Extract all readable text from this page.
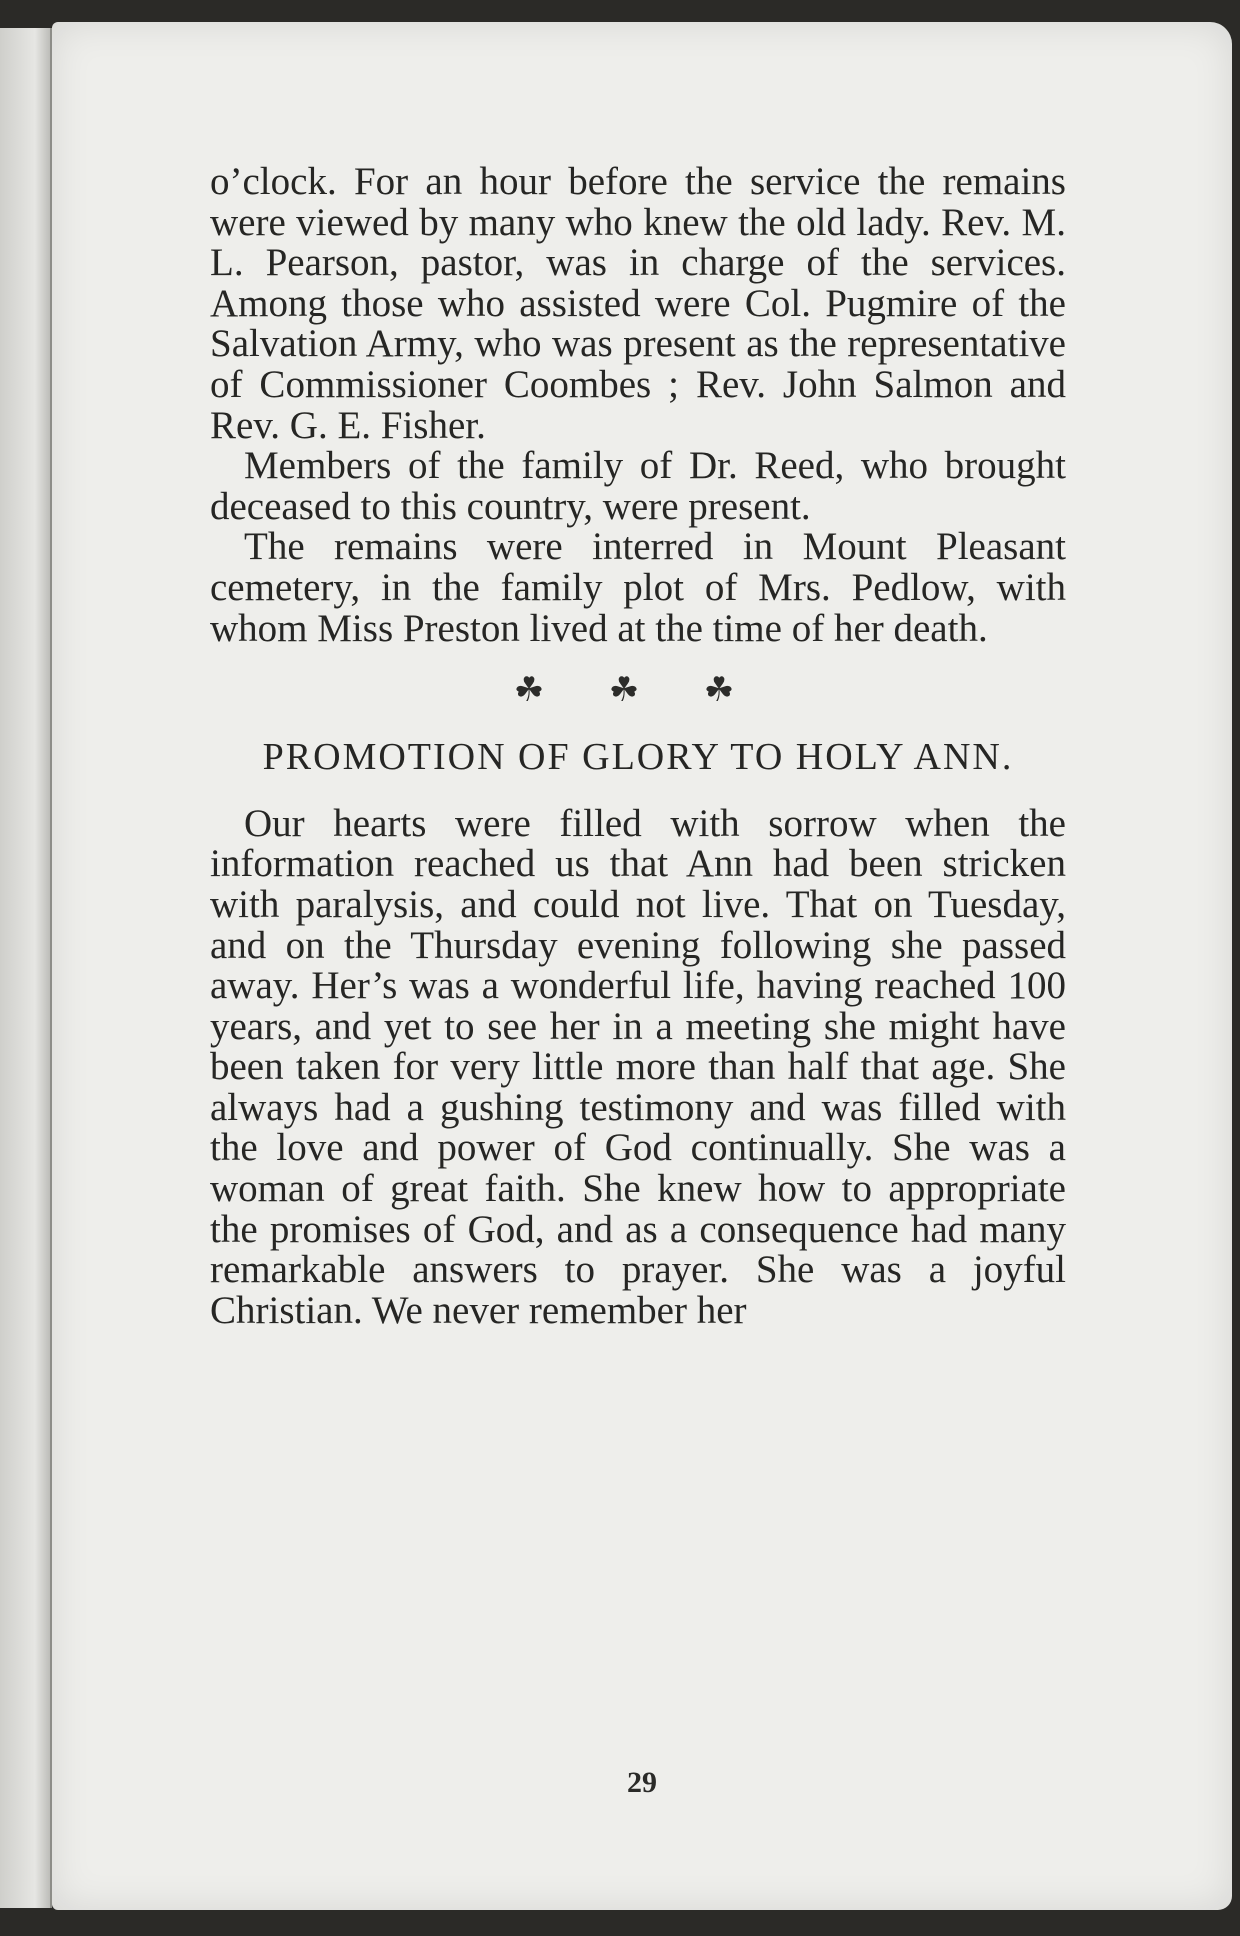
o’clock. For an hour before the service the remains were viewed by many who knew the old lady. Rev. M. L. Pearson, pastor, was in charge of the services. Among those who assisted were Col. Pugmire of the Salvation Army, who was present as the representative of Commissioner Coombes ; Rev. John Salmon and Rev. G. E. Fisher.

Members of the family of Dr. Reed, who brought deceased to this country, were present.

The remains were interred in Mount Pleasant cemetery, in the family plot of Mrs. Pedlow, with whom Miss Preston lived at the time of her death.

☘ ☘ ☘
PROMOTION OF GLORY TO HOLY ANN.

Our hearts were filled with sorrow when the information reached us that Ann had been stricken with paralysis, and could not live. That on Tuesday, and on the Thursday evening following she passed away. Her’s was a wonderful life, having reached 100 years, and yet to see her in a meeting she might have been taken for very little more than half that age. She always had a gushing testimony and was filled with the love and power of God continually. She was a woman of great faith. She knew how to appropriate the promises of God, and as a consequence had many remarkable answers to prayer. She was a joyful Christian. We never remember her

29
